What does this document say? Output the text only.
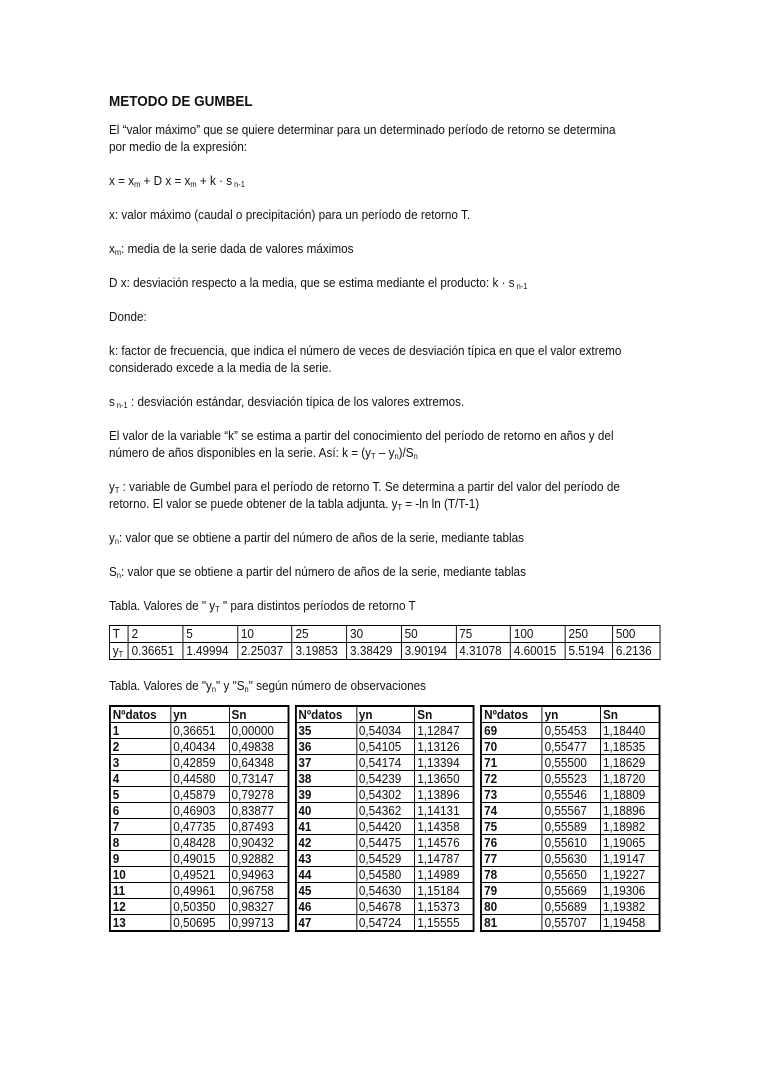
METODO DE GUMBEL

El “valor máximo” que se quiere determinar para un determinado período de retorno se determina por medio de la expresión:

$x = x_m + D$ $x = x_m + k \cdot s$ $_{n-1}$

x: valor máximo (caudal o precipitación) para un período de retorno T.

$x_m$: media de la serie dada de valores máximos

D x: desviación respecto a la media, que se estima mediante el producto: k · s $_{n-1}$

Donde:

k: factor de frecuencia, que indica el número de veces de desviación típica en que el valor extremo considerado excede a la media de la serie.

s $_{n-1}$ : desviación estándar, desviación típica de los valores extremos.

El valor de la variable “k” se estima a partir del conocimiento del período de retorno en años y del número de años disponibles en la serie. Así: $k = (y_T - y_n)/S_n$

$y_T$ : variable de Gumbel para el período de retorno T. Se determina a partir del valor del período de retorno. El valor se puede obtener de la tabla adjunta. $y_T = -\ln$ ln (T/T-1)

$y_n$: valor que se obtiene a partir del número de años de la serie, mediante tablas

$S_n$: valor que se obtiene a partir del número de años de la serie, mediante tablas

Tabla. Valores de " $y_T$ " para distintos períodos de retorno T

T	2	5	10	25	30	50	75	100	250	500
$y_T$	0.36651	1.49994	2.25037	3.19853	3.38429	3.90194	4.31078	4.60015	5.5194	6.2136

Tabla. Valores de "$y_n$" y "$S_n$" según número de observaciones

Nºdatos	yn	Sn
1	0,36651	0,00000
2	0,40434	0,49838
3	0,42859	0,64348
4	0,44580	0,73147
5	0,45879	0,79278
6	0,46903	0,83877
7	0,47735	0,87493
8	0,48428	0,90432
9	0,49015	0,92882
10	0,49521	0,94963
11	0,49961	0,96758
12	0,50350	0,98327
13	0,50695	0,99713
Nºdatos	yn	Sn
35	0,54034	1,12847
36	0,54105	1,13126
37	0,54174	1,13394
38	0,54239	1,13650
39	0,54302	1,13896
40	0,54362	1,14131
41	0,54420	1,14358
42	0,54475	1,14576
43	0,54529	1,14787
44	0,54580	1,14989
45	0,54630	1,15184
46	0,54678	1,15373
47	0,54724	1,15555
Nºdatos	yn	Sn
69	0,55453	1,18440
70	0,55477	1,18535
71	0,55500	1,18629
72	0,55523	1,18720
73	0,55546	1,18809
74	0,55567	1,18896
75	0,55589	1,18982
76	0,55610	1,19065
77	0,55630	1,19147
78	0,55650	1,19227
79	0,55669	1,19306
80	0,55689	1,19382
81	0,55707	1,19458
